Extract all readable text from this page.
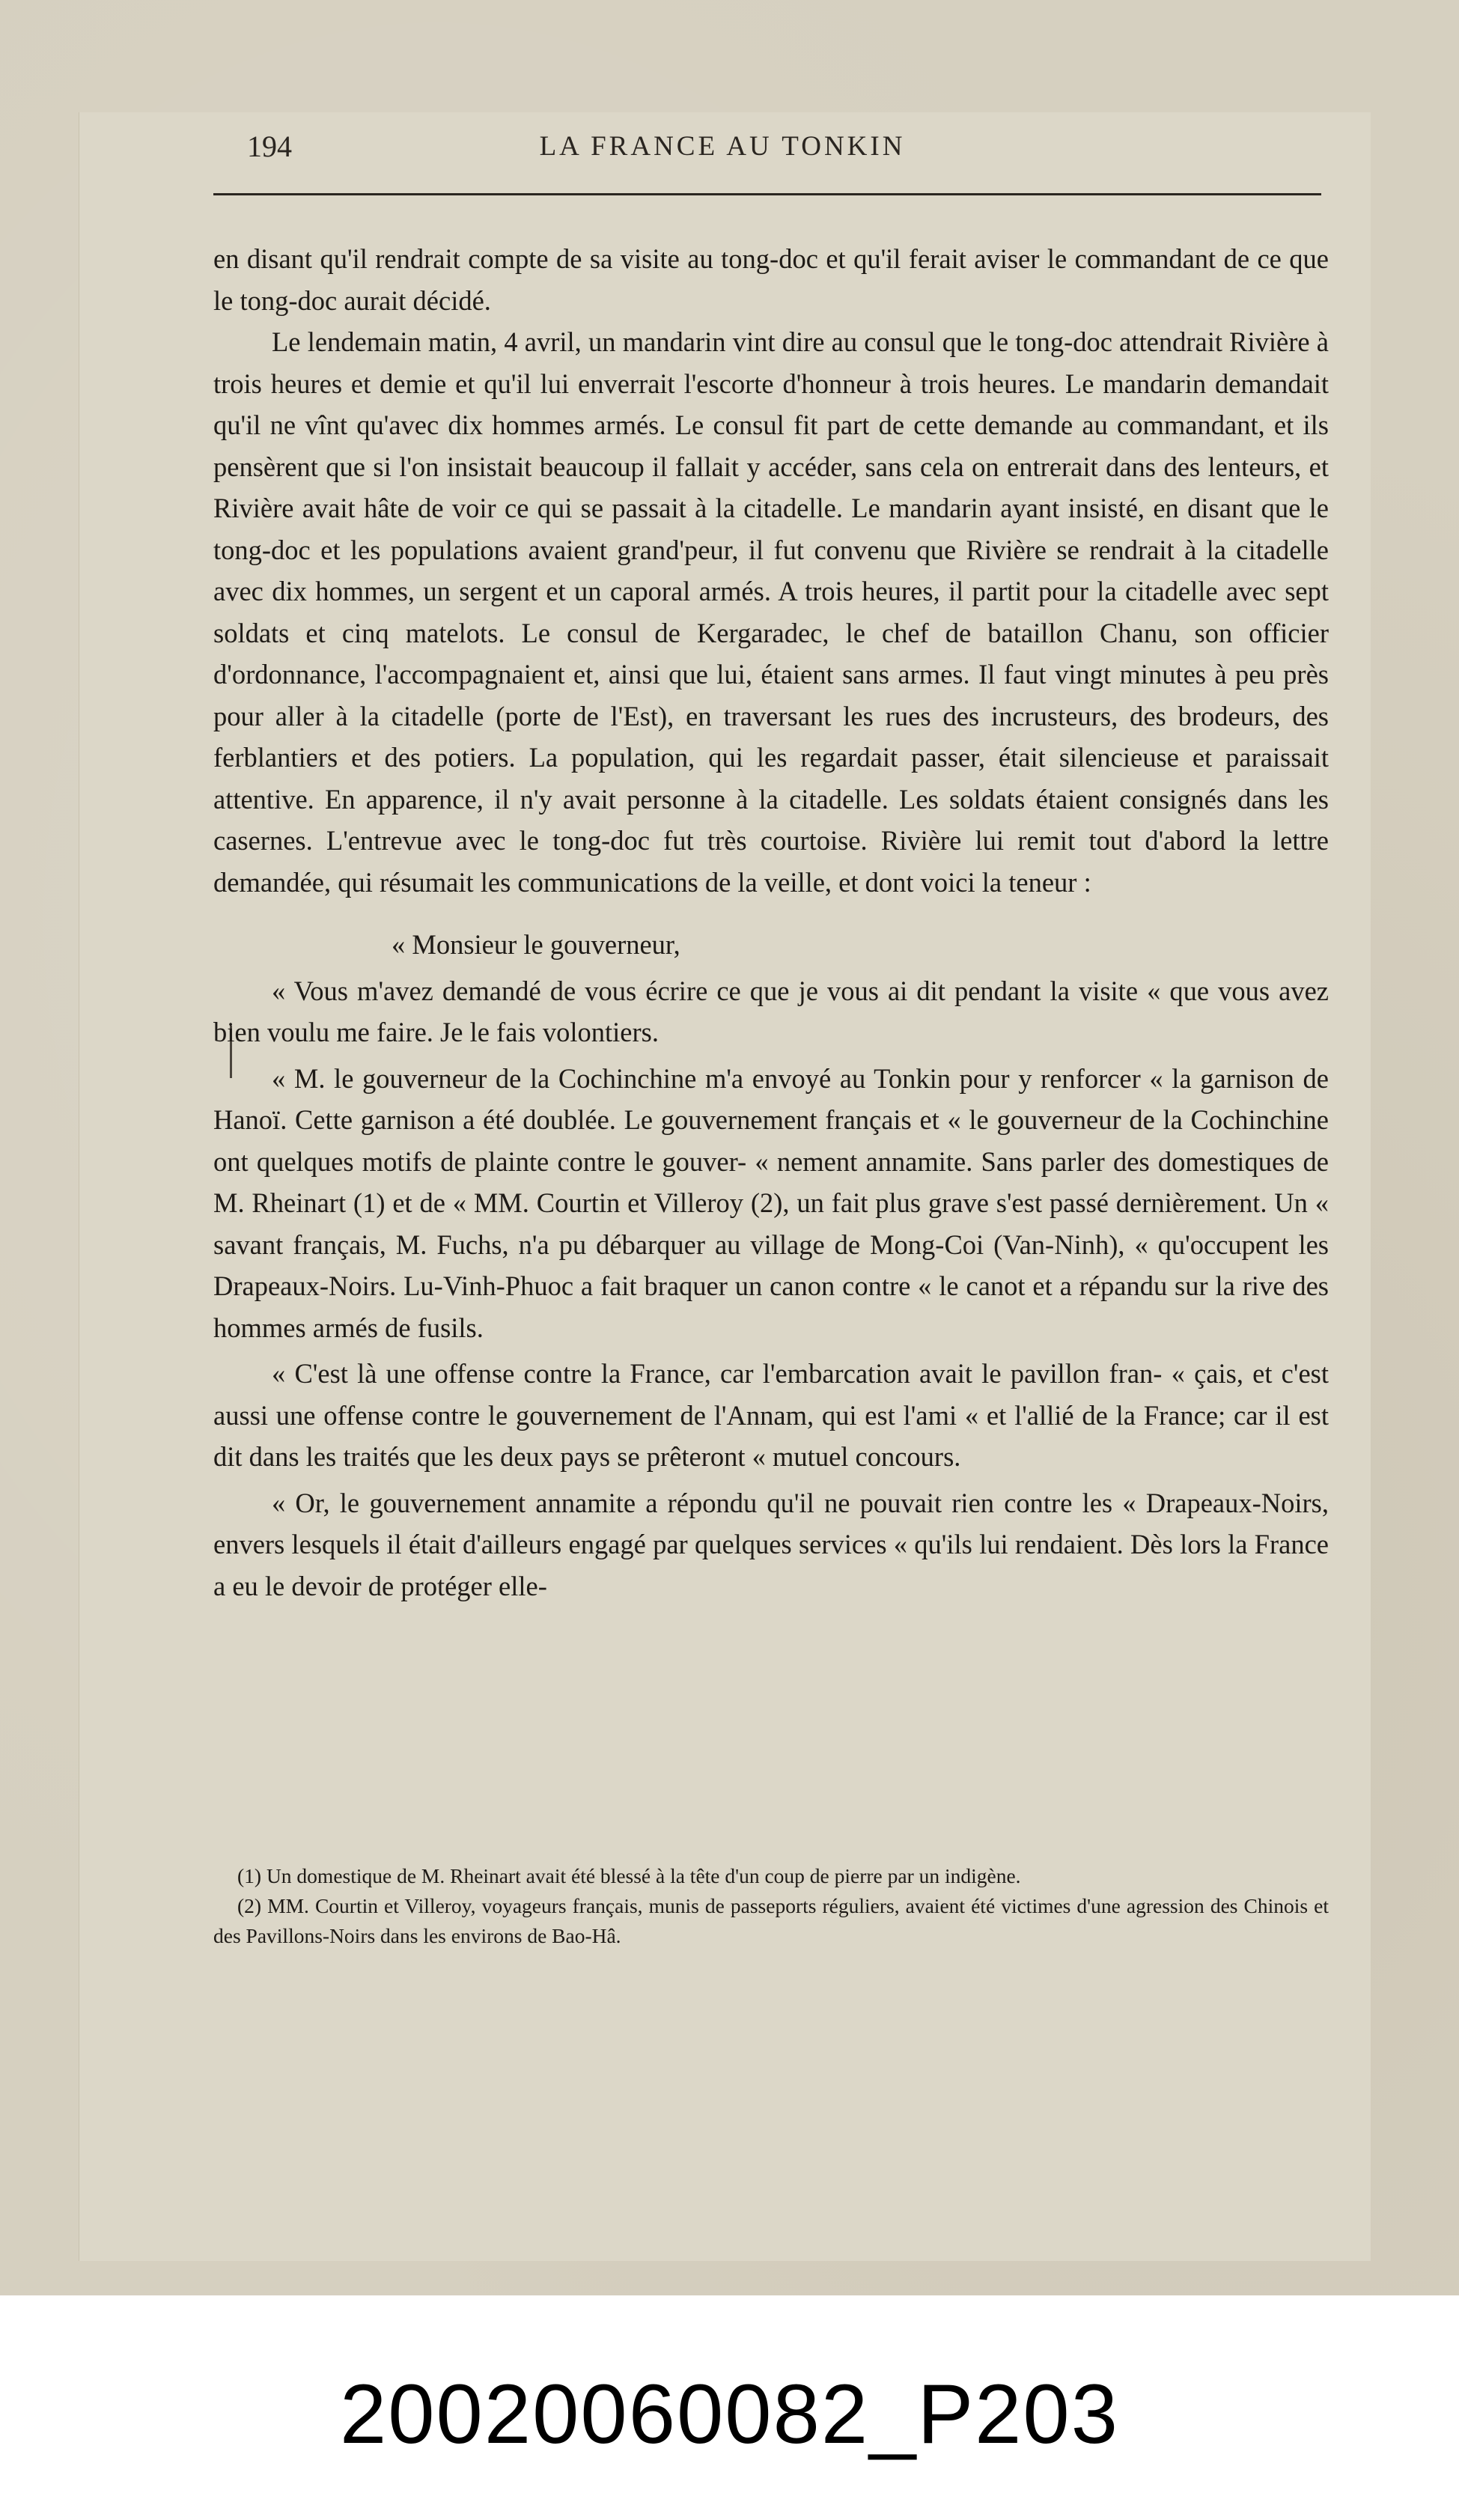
194	LA FRANCE AU TONKIN

en disant qu'il rendrait compte de sa visite au tong-doc et qu'il ferait aviser le commandant de ce que le tong-doc aurait décidé.

Le lendemain matin, 4 avril, un mandarin vint dire au consul que le tong-doc attendrait Rivière à trois heures et demie et qu'il lui enverrait l'escorte d'honneur à trois heures. Le mandarin demandait qu'il ne vînt qu'avec dix hommes armés. Le consul fit part de cette demande au commandant, et ils pensèrent que si l'on insistait beaucoup il fallait y accéder, sans cela on entrerait dans des lenteurs, et Rivière avait hâte de voir ce qui se passait à la citadelle. Le mandarin ayant insisté, en disant que le tong-doc et les populations avaient grand'peur, il fut convenu que Rivière se rendrait à la citadelle avec dix hommes, un sergent et un caporal armés. A trois heures, il partit pour la citadelle avec sept soldats et cinq matelots. Le consul de Kergaradec, le chef de bataillon Chanu, son officier d'ordonnance, l'accompagnaient et, ainsi que lui, étaient sans armes. Il faut vingt minutes à peu près pour aller à la citadelle (porte de l'Est), en traversant les rues des incrusteurs, des brodeurs, des ferblantiers et des potiers. La population, qui les regardait passer, était silencieuse et paraissait attentive. En apparence, il n'y avait personne à la citadelle. Les soldats étaient consignés dans les casernes. L'entrevue avec le tong-doc fut très courtoise. Rivière lui remit tout d'abord la lettre demandée, qui résumait les communications de la veille, et dont voici la teneur :

« Monsieur le gouverneur,

« Vous m'avez demandé de vous écrire ce que je vous ai dit pendant la visite « que vous avez bien voulu me faire. Je le fais volontiers.

« M. le gouverneur de la Cochinchine m'a envoyé au Tonkin pour y renforcer « la garnison de Hanoï. Cette garnison a été doublée. Le gouvernement français et « le gouverneur de la Cochinchine ont quelques motifs de plainte contre le gouver- « nement annamite. Sans parler des domestiques de M. Rheinart (1) et de « MM. Courtin et Villeroy (2), un fait plus grave s'est passé dernièrement. Un « savant français, M. Fuchs, n'a pu débarquer au village de Mong-Coi (Van-Ninh), « qu'occupent les Drapeaux-Noirs. Lu-Vinh-Phuoc a fait braquer un canon contre « le canot et a répandu sur la rive des hommes armés de fusils.

« C'est là une offense contre la France, car l'embarcation avait le pavillon fran- « çais, et c'est aussi une offense contre le gouvernement de l'Annam, qui est l'ami « et l'allié de la France; car il est dit dans les traités que les deux pays se prêteront « mutuel concours.

« Or, le gouvernement annamite a répondu qu'il ne pouvait rien contre les « Drapeaux-Noirs, envers lesquels il était d'ailleurs engagé par quelques services « qu'ils lui rendaient. Dès lors la France a eu le devoir de protéger elle-

(1) Un domestique de M. Rheinart avait été blessé à la tête d'un coup de pierre par un indigène.

(2) MM. Courtin et Villeroy, voyageurs français, munis de passeports réguliers, avaient été victimes d'une agression des Chinois et des Pavillons-Noirs dans les environs de Bao-Hâ.

20020060082_P203
